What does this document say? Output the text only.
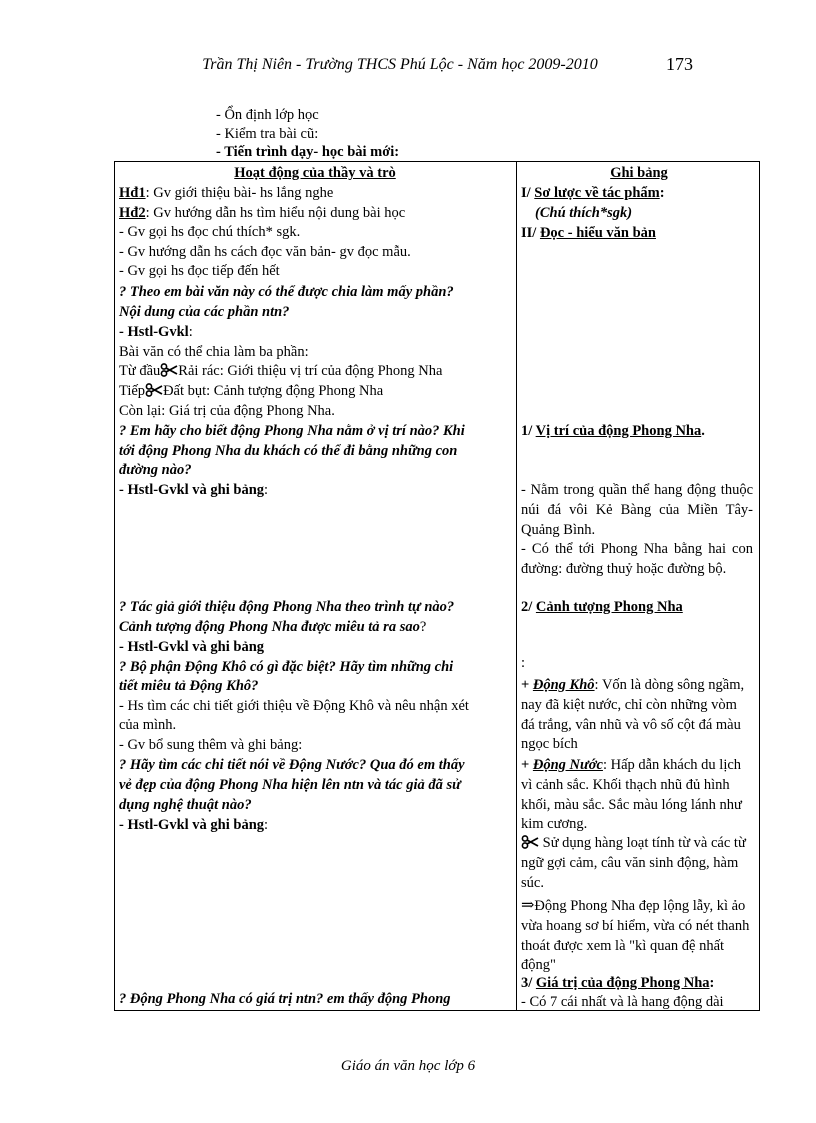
Trần Thị Niên - Trường THCS Phú Lộc - Năm học 2009-2010	173
- Ổn định lớp học
- Kiểm tra bài cũ:
- Tiến trình dạy- học bài mới:
Hoạt động của thầy và trò
Hđ1: Gv giới thiệu bài- hs lắng nghe
Hđ2: Gv hướng dẫn hs tìm hiểu nội dung bài học
- Gv gọi hs đọc chú thích* sgk.
- Gv hướng dẫn hs cách đọc văn bản- gv đọc mẫu.
- Gv gọi hs đọc tiếp đến hết
? Theo em bài văn này có thể được chia làm mấy phần?
Nội dung của các phần ntn?
- Hstl-Gvkl:
Bài văn có thể chia làm ba phần:
Từ đầu Rải rác: Giới thiệu vị trí của động Phong Nha
Tiếp Đất bụt: Cảnh tượng động Phong Nha
Còn lại: Giá trị của động Phong Nha.
? Em hãy cho biết động Phong Nha nằm ở vị trí nào? Khi
tới động Phong Nha du khách có thể đi bằng những con
đường nào?
- Hstl-Gvkl và ghi bảng:
? Tác giả giới thiệu động Phong Nha theo trình tự nào?
Cảnh tượng động Phong Nha được miêu tả ra sao?
- Hstl-Gvkl và ghi bảng
? Bộ phận Động Khô có gì đặc biệt? Hãy tìm những chi
tiết miêu tả Động Khô?
- Hs tìm các chi tiết giới thiệu về Động Khô và nêu nhận xét
của mình.
- Gv bổ sung thêm và ghi bảng:
? Hãy tìm các chi tiết nói về Động Nước? Qua đó em thấy
vẻ đẹp của động Phong Nha hiện lên ntn và tác giả đã sử
dụng nghệ thuật nào?
- Hstl-Gvkl và ghi bảng:
? Động Phong Nha có giá trị ntn? em thấy động Phong
Ghi bảng
I/ Sơ lược về tác phẩm:
(Chú thích*sgk)
II/ Đọc - hiểu văn bản
1/ Vị trí của động Phong Nha.
- Nằm trong quần thể hang động thuộc núi đá vôi Kẻ Bàng của Miền Tây- Quảng Bình.
- Có thể tới Phong Nha bằng hai con đường: đường thuỷ hoặc đường bộ.
2/ Cảnh tượng Phong Nha
:
+ Động Khô: Vốn là dòng sông ngầm, nay đã kiệt nước, chỉ còn những vòm đá trắng, vân nhũ và vô số cột đá màu ngọc bích
+ Động Nước: Hấp dẫn khách du lịch vì cảnh sắc. Khối thạch nhũ đủ hình khối, màu sắc. Sắc màu lóng lánh như kim cương.
Sử dụng hàng loạt tính từ và các từ ngữ gợi cảm, câu văn sinh động, hàm súc.
⇒Động Phong Nha đẹp lộng lẫy, kì ảo vừa hoang sơ bí hiểm, vừa có nét thanh thoát được xem là "kì quan đệ nhất động"
3/ Giá trị của động Phong Nha:
- Có 7 cái nhất và là hang động dài
Giáo án văn học lớp 6
